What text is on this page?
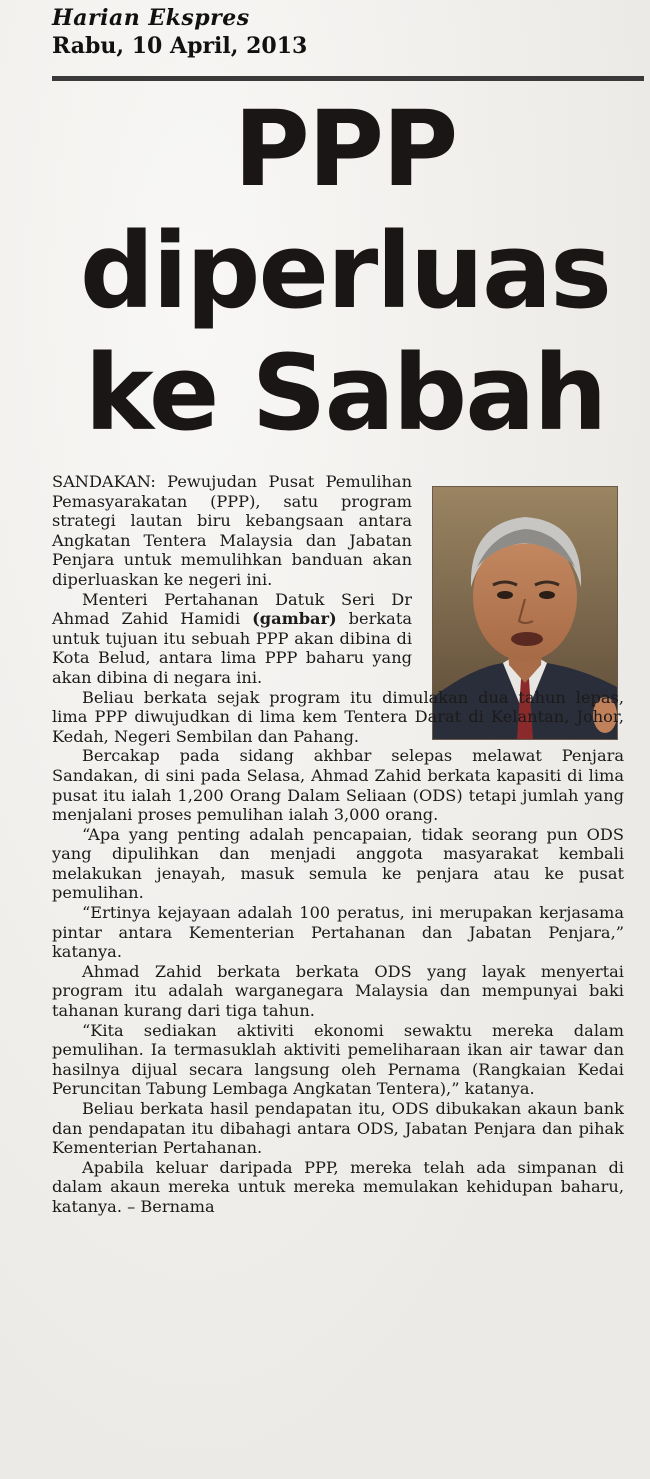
Harian Ekspres
Rabu, 10 April, 2013
PPP
diperluas
ke Sabah

SANDAKAN: Pewujudan Pusat Pemulihan Pemasyarakatan (PPP), satu program strategi lautan biru kebangsaan antara Angkatan Tentera Malaysia dan Jabatan Penjara untuk memulihkan banduan akan diperluaskan ke negeri ini.

Menteri Pertahanan Datuk Seri Dr Ahmad Zahid Hamidi (gambar) berkata untuk tujuan itu sebuah PPP akan dibina di Kota Belud, antara lima PPP baharu yang akan dibina di negara ini.

Beliau berkata sejak program itu dimulakan dua tahun lepas, lima PPP diwujudkan di lima kem Tentera Darat di Kelantan, Johor, Kedah, Negeri Sembilan dan Pahang.

Bercakap pada sidang akhbar selepas melawat Penjara Sandakan, di sini pada Selasa, Ahmad Zahid berkata kapasiti di lima pusat itu ialah 1,200 Orang Dalam Seliaan (ODS) tetapi jumlah yang menjalani proses pemulihan ialah 3,000 orang.

“Apa yang penting adalah pencapaian, tidak seorang pun ODS yang dipulihkan dan menjadi anggota masyarakat kembali melakukan jenayah, masuk semula ke penjara atau ke pusat pemulihan.

“Ertinya kejayaan adalah 100 peratus, ini merupakan kerjasama pintar antara Kementerian Pertahanan dan Jabatan Penjara,” katanya.

Ahmad Zahid berkata berkata ODS yang layak menyertai program itu adalah warganegara Malaysia dan mempunyai baki tahanan kurang dari tiga tahun.

“Kita sediakan aktiviti ekonomi sewaktu mereka dalam pemulihan. Ia termasuklah aktiviti pemeliharaan ikan air tawar dan hasilnya dijual secara langsung oleh Pernama (Rangkaian Kedai Peruncitan Tabung Lembaga Angkatan Tentera),” katanya.

Beliau berkata hasil pendapatan itu, ODS dibukakan akaun bank dan pendapatan itu dibahagi antara ODS, Jabatan Penjara dan pihak Kementerian Pertahanan.

Apabila keluar daripada PPP, mereka telah ada simpanan di dalam akaun mereka untuk mereka memulakan kehidupan baharu, katanya. – Bernama
